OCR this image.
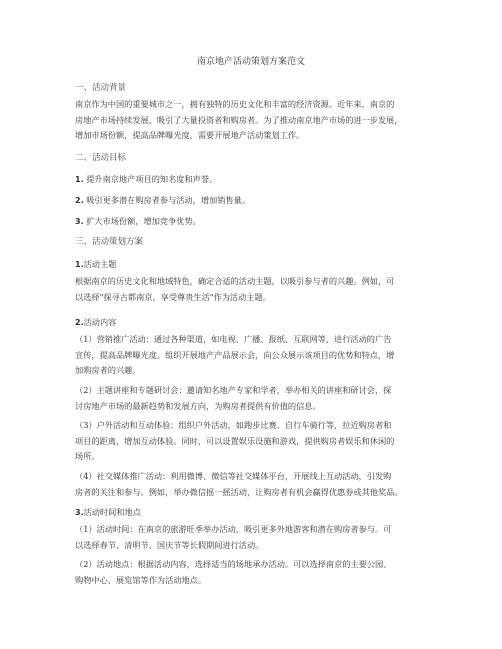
南京地产活动策划方案范文
一、活动背景
南京作为中国的重要城市之一，拥有独特的历史文化和丰富的经济资源。近年来，南京的
房地产市场持续发展，吸引了大量投资者和购房者。为了推动南京地产市场的进一步发展，
增加市场份额，提高品牌曝光度，需要开展地产活动策划工作。
二、活动目标
1. 提升南京地产项目的知名度和声誉。
2. 吸引更多潜在购房者参与活动，增加销售量。
3. 扩大市场份额，增加竞争优势。
三、活动策划方案
1.活动主题
根据南京的历史文化和地域特色，确定合适的活动主题，以吸引参与者的兴趣。例如，可
以选择"探寻古都南京，享受尊贵生活"作为活动主题。
2.活动内容
（1）营销推广活动：通过各种渠道，如电视、广播、报纸、互联网等，进行活动的广告
宣传，提高品牌曝光度。组织开展地产产品展示会，向公众展示该项目的优势和特点，增
加购房者的兴趣。
（2）主题讲座和专题研讨会：邀请知名地产专家和学者，举办相关的讲座和研讨会，探
讨房地产市场的最新趋势和发展方向，为购房者提供有价值的信息。
（3）户外活动和互动体验：组织户外活动，如跑步比赛、自行车骑行等，拉近购房者和
项目的距离，增加互动体验。同时，可以设置娱乐设施和游戏，提供购房者娱乐和休闲的
场所。
（4）社交媒体推广活动：利用微博、微信等社交媒体平台，开展线上互动活动，引发购
房者的关注和参与。例如，举办微信摇一摇活动，让购房者有机会赢得优惠券或其他奖品。
3.活动时间和地点
（1）活动时间：在南京的旅游旺季举办活动，吸引更多外地游客和潜在购房者参与。可
以选择春节、清明节、国庆节等长假期间进行活动。
（2）活动地点：根据活动内容，选择适当的场地承办活动。可以选择南京的主要公园、
购物中心、展览馆等作为活动地点。
